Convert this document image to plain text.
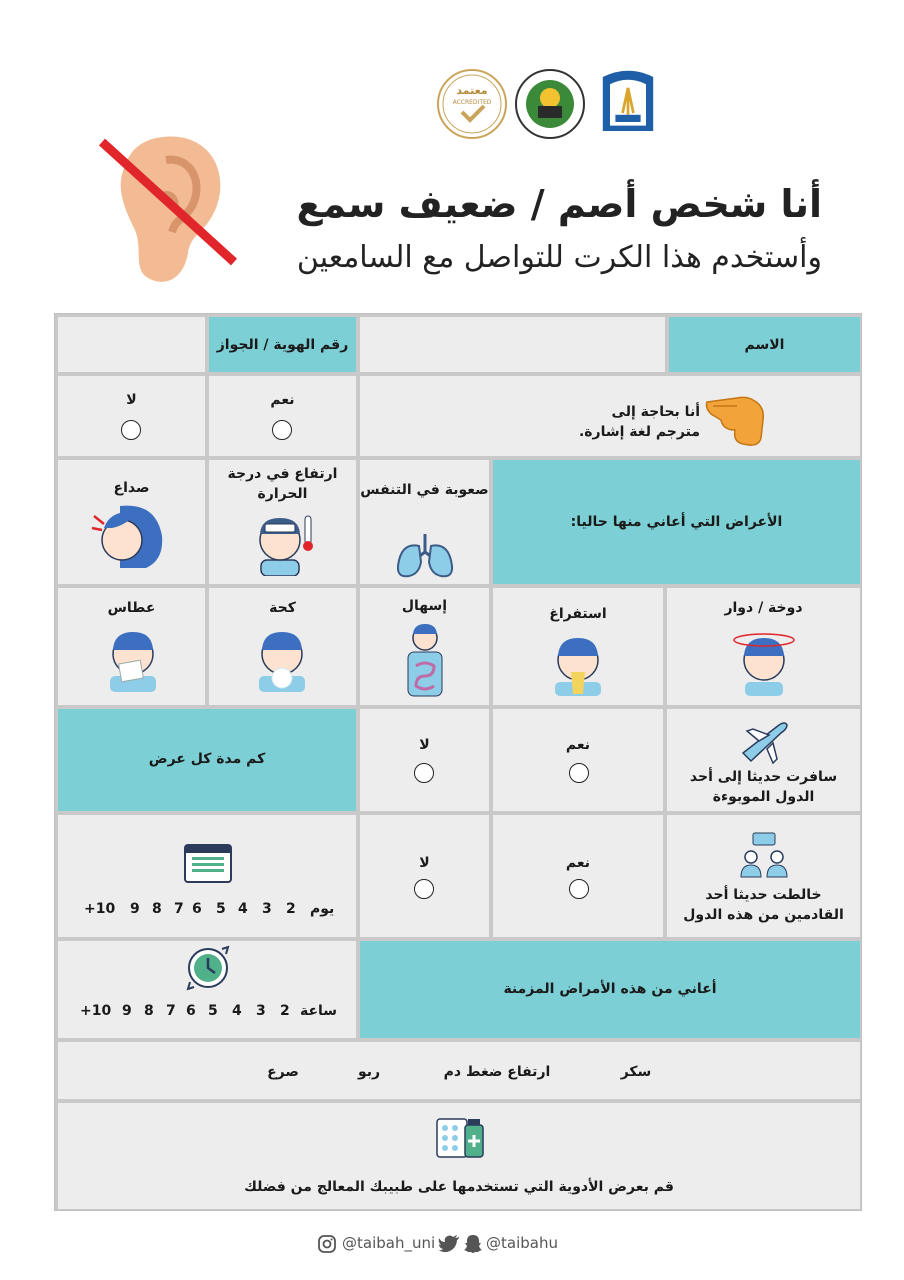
معتمد
ACCREDITED
أنا شخص أصم / ضعيف سمع
وأستخدم هذا الكرت للتواصل مع السامعين
الاسم
رقم الهوية / الجواز
أنا بحاجة إلى مترجم لغة إشارة.
نعم
لا
الأعراض التي أعاني منها حاليا:
صعوبة في التنفس
ارتفاع في درجة الحرارة
صداع
دوخة / دوار
استفراغ
إسهال
كحة
عطاس
سافرت حديثا إلى أحد الدول الموبوءة
نعم
لا
كم مدة كل عرض
خالطت حديثا أحد القادمين من هذه الدول
نعم
لا
يوم
2
3
4
5
6
7
8
9
+10
أعاني من هذه الأمراض المزمنة
ساعة
2
3
4
5
6
7
8
9
+10
سكر
ارتفاع ضغط دم
ربو
صرع
قم بعرض الأدوية التي تستخدمها على طبيبك المعالج من فضلك
@taibah_uni	@taibahu
